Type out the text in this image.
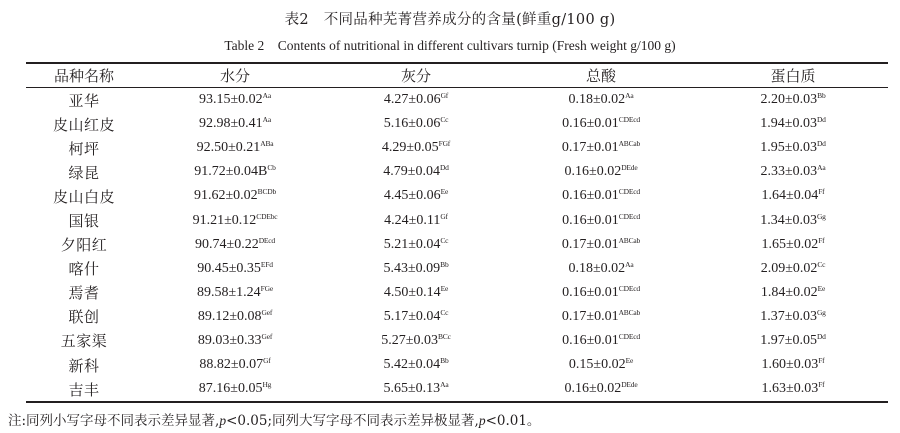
表2　不同品种芜菁营养成分的含量(鲜重g/100 g)
Table 2　Contents of nutritional in different cultivars turnip (Fresh weight g/100 g)
品种名称	水分	灰分	总酸	蛋白质
亚华	$93.15\pm 0.02^{Aa}$	$4.27\pm 0.06^{Gf}$	$0.18\pm 0.02^{Aa}$	$2.20\pm 0.03^{Bb}$
皮山红皮	$92.98\pm 0.41^{Aa}$	$5.16\pm 0.06^{Cc}$	$0.16\pm 0.01^{CDEcd}$	$1.94\pm 0.03^{Dd}$
柯坪	$92.50\pm 0.21^{ABa}$	$4.29\pm 0.05^{FGf}$	$0.17\pm 0.01^{ABCab}$	$1.95\pm 0.03^{Dd}$
绿昆	$91.72\pm 0.04B^{Cb}$	$4.79\pm 0.04^{Dd}$	$0.16\pm 0.02^{DEde}$	$2.33\pm 0.03^{Aa}$
皮山白皮	$91.62\pm 0.02^{BCDb}$	$4.45\pm 0.06^{Ee}$	$0.16\pm 0.01^{CDEcd}$	$1.64\pm 0.04^{Ff}$
国银	$91.21\pm 0.12^{CDEbc}$	$4.24\pm 0.11^{Gf}$	$0.16\pm 0.01^{CDEcd}$	$1.34\pm 0.03^{Gg}$
夕阳红	$90.74\pm 0.22^{DEcd}$	$5.21\pm 0.04^{Cc}$	$0.17\pm 0.01^{ABCab}$	$1.65\pm 0.02^{Ff}$
喀什	$90.45\pm 0.35^{EFd}$	$5.43\pm 0.09^{Bb}$	$0.18\pm 0.02^{Aa}$	$2.09\pm 0.02^{Cc}$
焉耆	$89.58\pm 1.24^{FGe}$	$4.50\pm 0.14^{Ee}$	$0.16\pm 0.01^{CDEcd}$	$1.84\pm 0.02^{Ee}$
联创	$89.12\pm 0.08^{Gef}$	$5.17\pm 0.04^{Cc}$	$0.17\pm 0.01^{ABCab}$	$1.37\pm 0.03^{Gg}$
五家渠	$89.03\pm 0.33^{Gef}$	$5.27\pm 0.03^{BCc}$	$0.16\pm 0.01^{CDEcd}$	$1.97\pm 0.05^{Dd}$
新科	$88.82\pm 0.07^{Gf}$	$5.42\pm 0.04^{Bb}$	$0.15\pm 0.02^{Ee}$	$1.60\pm 0.03^{Ff}$
吉丰	$87.16\pm 0.05^{Hg}$	$5.65\pm 0.13^{Aa}$	$0.16\pm 0.02^{DEde}$	$1.63\pm 0.03^{Ff}$
注:同列小写字母不同表示差异显著,p<0.05;同列大写字母不同表示差异极显著,p<0.01。
